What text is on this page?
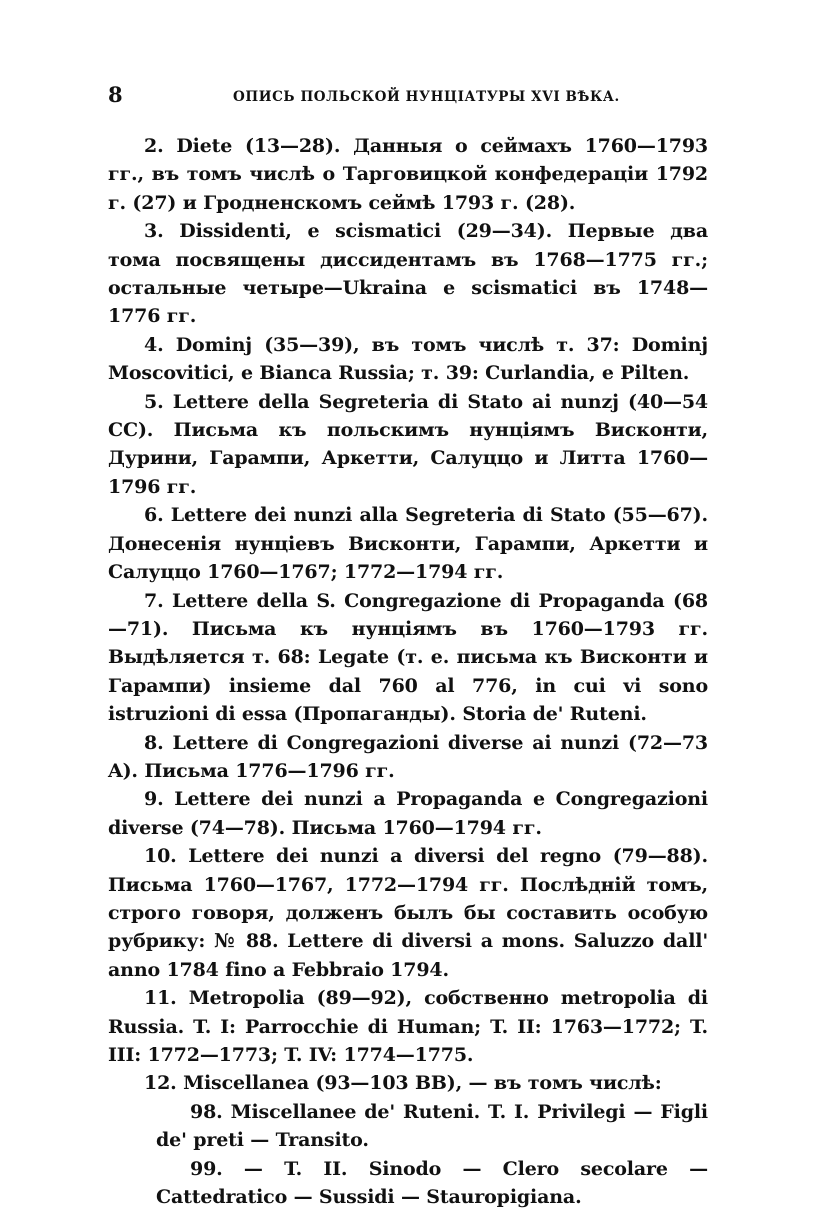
8	ОПИСЬ ПОЛЬСКОЙ НУНЦІАТУРЫ XVI ВѢКА.

2. Diete (13—28). Данныя о сеймахъ 1760—1793 гг., въ томъ числѣ о Тарговицкой конфедераціи 1792 г. (27) и Гродненскомъ сеймѣ 1793 г. (28).

3. Dissidenti, e scismatici (29—34). Первые два тома посвящены диссидентамъ въ 1768—1775 гг.; остальные четыре—Ukraina e scismatici въ 1748—1776 гг.

4. Dominj (35—39), въ томъ числѣ т. 37: Dominj Moscoviticі, e Bianca Russia; т. 39: Curlandia, e Pilten.

5. Lettere della Segreteria di Stato ai nunzj (40—54 CC). Письма къ польскимъ нунціямъ Висконти, Дурини, Гарампи, Аркетти, Салуццо и Литта 1760—1796 гг.

6. Lettere dei nunzi alla Segreteria di Stato (55—67). Донесенія нунціевъ Висконти, Гарампи, Аркетти и Салуццо 1760—1767; 1772—1794 гг.

7. Lettere della S. Congregazione di Propaganda (68—71). Письма къ нунціямъ въ 1760—1793 гг. Выдѣляется т. 68: Legate (т. е. письма къ Висконти и Гарампи) insieme dal 760 al 776, in cui vi sono istruzioni di essa (Пропаганды). Storia de' Ruteni.

8. Lettere di Congregazioni diverse ai nunzi (72—73 A). Письма 1776—1796 гг.

9. Lettere dei nunzi a Propaganda e Congregazioni diverse (74—78). Письма 1760—1794 гг.

10. Lettere dei nunzi a diversi del regno (79—88). Письма 1760—1767, 1772—1794 гг. Послѣдній томъ, строго говоря, долженъ былъ бы составить особую рубрику: № 88. Lettere di diversi a mons. Saluzzo dall' anno 1784 fino a Febbraio 1794.

11. Metropolia (89—92), собственно metropolia di Russia. T. I: Parrocchie di Human; T. II: 1763—1772; T. III: 1772—1773; T. IV: 1774—1775.

12. Miscellanea (93—103 BB), — въ томъ числѣ:

98. Miscellanee de' Ruteni. T. I. Privilegi — Figli de' preti — Transito.

99. — T. II. Sinodo — Clero secolare — Cattedratico — Sussidi — Stauropigiana.
